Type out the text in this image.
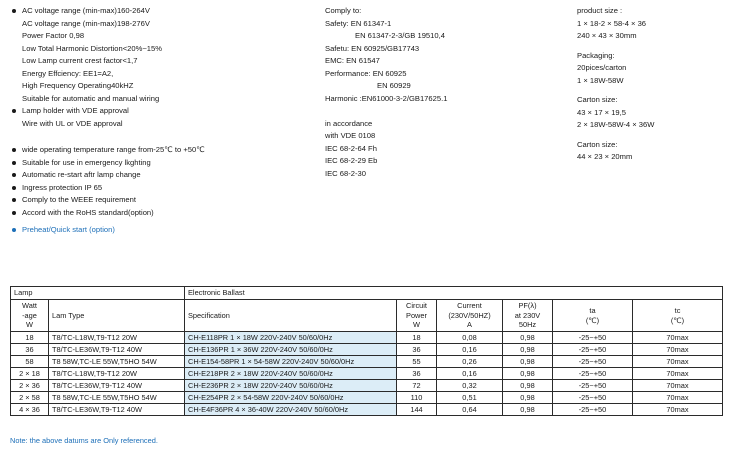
AC voltage range (min-max)160-264V
AC voltage range (min-max)198-276V
Power Factor 0,98
Low Total Harmonic Distortion<20%~15%
Low Lamp current crest factor<1,7
Energy Effciency: EE1=A2,
High Frequency Operating40kHZ
Suitable for automatic and manual wiring
Lamp holder with VDE approval
Wire with UL or VDE approval
wide operating temperature range from-25℃ to +50℃
Suitable for use in emergency lkghting
Automatic re-start aftr lamp change
Ingress protection IP 65
Comply to the WEEE requirement
Accord with the RoHS standard(option)
Preheat/Quick start (option)
Comply to:
Safety: EN 61347-1
EN 61347-2-3/GB 19510,4
Safetu: EN 60925/GB17743
EMC: EN 61547
Performance: EN 60925
EN 60929
Harmonic :EN61000-3-2/GB17625.1
in accordance
with VDE 0108
IEC 68-2-64 Fh
IEC 68-2-29 Eb
IEC 68-2-30
product size :
1 × 18-2 × 58-4 × 36
240 × 43 × 30mm
Packaging:
20pices/carton
1 × 18W-58W
Carton size:
43 × 17 × 19,5
2 × 18W-58W-4 × 36W
Carton size:
44 × 23 × 20mm
Lamp		Electronic Ballast					
Watt
-age
W	Lam Type	Specification	Circuit
Power
W	Current
(230V/50HZ)
A	PF(λ)
at 230V
50Hz	ta
(℃)	tc
(℃)
18	T8/TC-L18W,T9-T12 20W	CH-E118PR 1 × 18W 220V-240V 50/60/0Hz	18	0,08	0,98	-25~+50	70max
36	T8/TC-LE36W,T9-T12 40W	CH-E136PR 1 × 36W 220V-240V 50/60/0Hz	36	0,16	0,98	-25~+50	70max
58	T8 58W,TC-LE 55W,T5HO 54W	CH-E154-58PR 1 × 54-58W 220V-240V 50/60/0Hz	55	0,26	0,98	-25~+50	70max
2 × 18	T8/TC-L18W,T9-T12 20W	CH-E218PR 2 × 18W 220V-240V 50/60/0Hz	36	0,16	0,98	-25~+50	70max
2 × 36	T8/TC-LE36W,T9-T12 40W	CH-E236PR 2 × 18W 220V-240V 50/60/0Hz	72	0,32	0,98	-25~+50	70max
2 × 58	T8 58W,TC-LE 55W,T5HO 54W	CH-E254PR 2 × 54-58W 220V-240V 50/60/0Hz	110	0,51	0,98	-25~+50	70max
4 × 36	T8/TC-LE36W,T9-T12 40W	CH-E4F36PR 4 × 36-40W 220V-240V 50/60/0Hz	144	0,64	0,98	-25~+50	70max
Note: the above datums are Only referenced.
